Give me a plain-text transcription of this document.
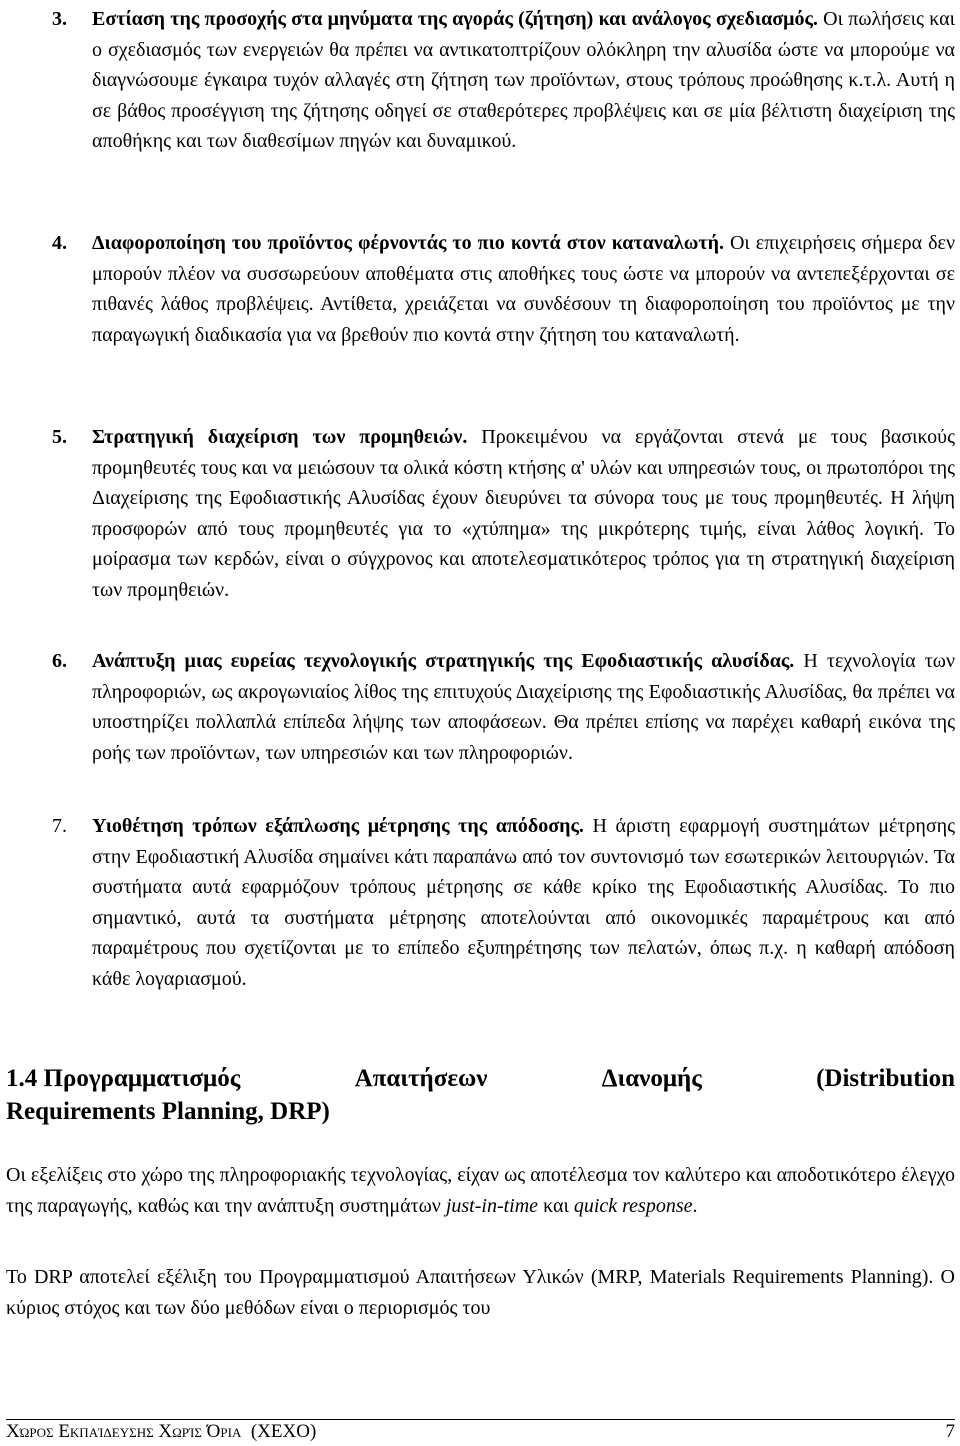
3. Εστίαση της προσοχής στα μηνύματα της αγοράς (ζήτηση) και ανάλογος σχεδιασμός. Οι πωλήσεις και ο σχεδιασμός των ενεργειών θα πρέπει να αντικατοπτρίζουν ολόκληρη την αλυσίδα ώστε να μπορούμε να διαγνώσουμε έγκαιρα τυχόν αλλαγές στη ζήτηση των προϊόντων, στους τρόπους προώθησης κ.τ.λ. Αυτή η σε βάθος προσέγγιση της ζήτησης οδηγεί σε σταθερότερες προβλέψεις και σε μία βέλτιστη διαχείριση της αποθήκης και των διαθεσίμων πηγών και δυναμικού.
4. Διαφοροποίηση του προϊόντος φέρνοντάς το πιο κοντά στον καταναλωτή. Οι επιχειρήσεις σήμερα δεν μπορούν πλέον να συσσωρεύουν αποθέματα στις αποθήκες τους ώστε να μπορούν να αντεπεξέρχονται σε πιθανές λάθος προβλέψεις. Αντίθετα, χρειάζεται να συνδέσουν τη διαφοροποίηση του προϊόντος με την παραγωγική διαδικασία για να βρεθούν πιο κοντά στην ζήτηση του καταναλωτή.
5. Στρατηγική διαχείριση των προμηθειών. Προκειμένου να εργάζονται στενά με τους βασικούς προμηθευτές τους και να μειώσουν τα ολικά κόστη κτήσης α' υλών και υπηρεσιών τους, οι πρωτοπόροι της Διαχείρισης της Εφοδιαστικής Αλυσίδας έχουν διευρύνει τα σύνορα τους με τους προμηθευτές. Η λήψη προσφορών από τους προμηθευτές για το «χτύπημα» της μικρότερης τιμής, είναι λάθος λογική. Το μοίρασμα των κερδών, είναι ο σύγχρονος και αποτελεσματικότερος τρόπος για τη στρατηγική διαχείριση των προμηθειών.
6. Ανάπτυξη μιας ευρείας τεχνολογικής στρατηγικής της Εφοδιαστικής αλυσίδας. Η τεχνολογία των πληροφοριών, ως ακρογωνιαίος λίθος της επιτυχούς Διαχείρισης της Εφοδιαστικής Αλυσίδας, θα πρέπει να υποστηρίζει πολλαπλά επίπεδα λήψης των αποφάσεων. Θα πρέπει επίσης να παρέχει καθαρή εικόνα της ροής των προϊόντων, των υπηρεσιών και των πληροφοριών.
7. Υιοθέτηση τρόπων εξάπλωσης μέτρησης της απόδοσης. Η άριστη εφαρμογή συστημάτων μέτρησης στην Εφοδιαστική Αλυσίδα σημαίνει κάτι παραπάνω από τον συντονισμό των εσωτερικών λειτουργιών. Τα συστήματα αυτά εφαρμόζουν τρόπους μέτρησης σε κάθε κρίκο της Εφοδιαστικής Αλυσίδας. Το πιο σημαντικό, αυτά τα συστήματα μέτρησης αποτελούνται από οικονομικές παραμέτρους και από παραμέτρους που σχετίζονται με το επίπεδο εξυπηρέτησης των πελατών, όπως π.χ. η καθαρή απόδοση κάθε λογαριασμού.
1.4 Προγραμματισμός	Απαιτήσεων	Διανομής	(Distribution
Requirements Planning, DRP)
Οι εξελίξεις στο χώρο της πληροφοριακής τεχνολογίας, είχαν ως αποτέλεσμα τον καλύτερο και αποδοτικότερο έλεγχο της παραγωγής, καθώς και την ανάπτυξη συστημάτων just-in-time και quick response.
Το DRP αποτελεί εξέλιξη του Προγραμματισμού Απαιτήσεων Υλικών (MRP, Materials Requirements Planning). Ο κύριος στόχος και των δύο μεθόδων είναι ο περιορισμός του
Χώρος Εκπαίδευσης Χωρίς Όρια (ΧΕΧΟ)	7
